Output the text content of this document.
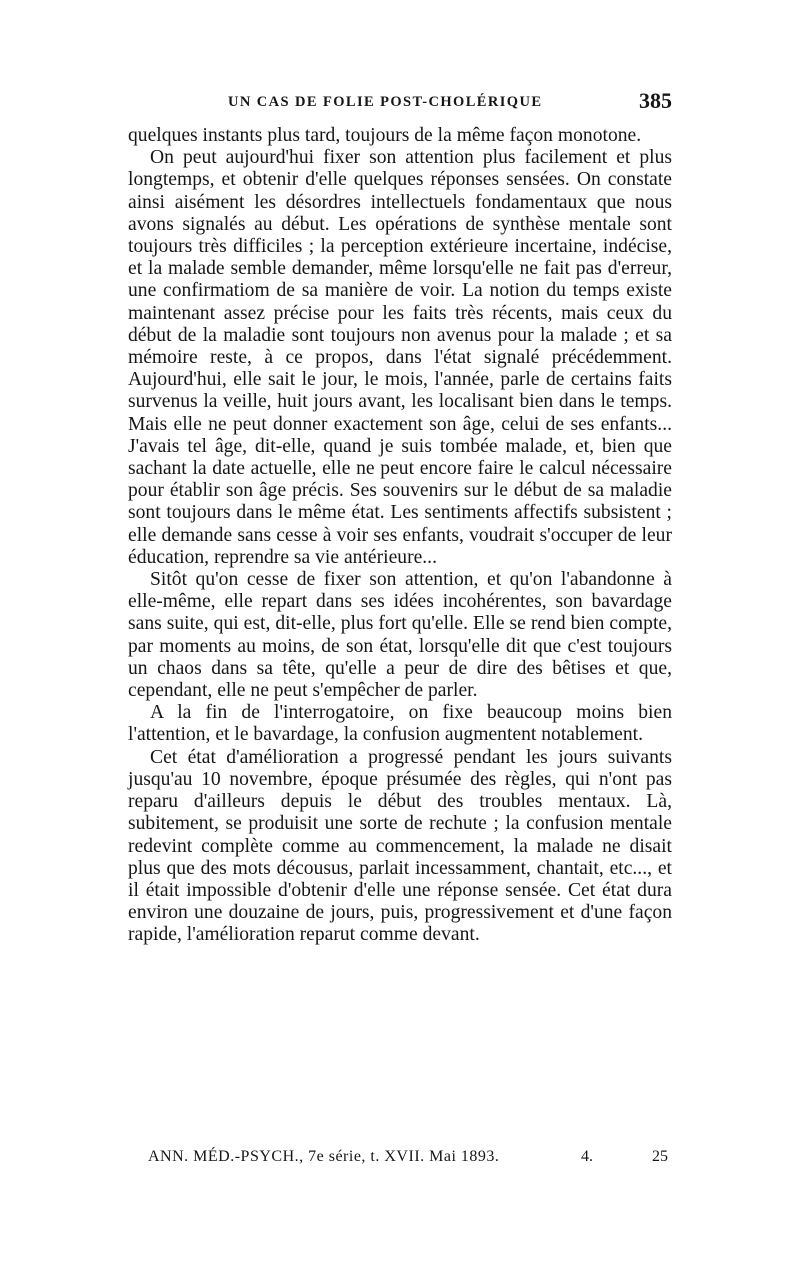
UN CAS DE FOLIE POST-CHOLÉRIQUE	385

quelques instants plus tard, toujours de la même façon monotone.

On peut aujourd'hui fixer son attention plus facilement et plus longtemps, et obtenir d'elle quelques réponses sensées. On constate ainsi aisément les désordres intellectuels fondamentaux que nous avons signalés au début. Les opérations de synthèse mentale sont toujours très difficiles ; la perception extérieure incertaine, indécise, et la malade semble demander, même lorsqu'elle ne fait pas d'erreur, une confirmatiom de sa manière de voir. La notion du temps existe maintenant assez précise pour les faits très récents, mais ceux du début de la maladie sont toujours non avenus pour la malade ; et sa mémoire reste, à ce propos, dans l'état signalé précédemment. Aujourd'hui, elle sait le jour, le mois, l'année, parle de certains faits survenus la veille, huit jours avant, les localisant bien dans le temps. Mais elle ne peut donner exactement son âge, celui de ses enfants... J'avais tel âge, dit-elle, quand je suis tombée malade, et, bien que sachant la date actuelle, elle ne peut encore faire le calcul nécessaire pour établir son âge précis. Ses souvenirs sur le début de sa maladie sont toujours dans le même état. Les sentiments affectifs subsistent ; elle demande sans cesse à voir ses enfants, voudrait s'occuper de leur éducation, reprendre sa vie antérieure...

Sitôt qu'on cesse de fixer son attention, et qu'on l'abandonne à elle-même, elle repart dans ses idées incohérentes, son bavardage sans suite, qui est, dit-elle, plus fort qu'elle. Elle se rend bien compte, par moments au moins, de son état, lorsqu'elle dit que c'est toujours un chaos dans sa tête, qu'elle a peur de dire des bêtises et que, cependant, elle ne peut s'empêcher de parler.

A la fin de l'interrogatoire, on fixe beaucoup moins bien l'attention, et le bavardage, la confusion augmentent notablement.

Cet état d'amélioration a progressé pendant les jours suivants jusqu'au 10 novembre, époque présumée des règles, qui n'ont pas reparu d'ailleurs depuis le début des troubles mentaux. Là, subitement, se produisit une sorte de rechute ; la confusion mentale redevint complète comme au commencement, la malade ne disait plus que des mots décousus, parlait incessamment, chantait, etc..., et il était impossible d'obtenir d'elle une réponse sensée. Cet état dura environ une douzaine de jours, puis, progressivement et d'une façon rapide, l'amélioration reparut comme devant.

ANN. MÉD.-PSYCH., 7e série, t. XVII. Mai 1893.	4.	25
